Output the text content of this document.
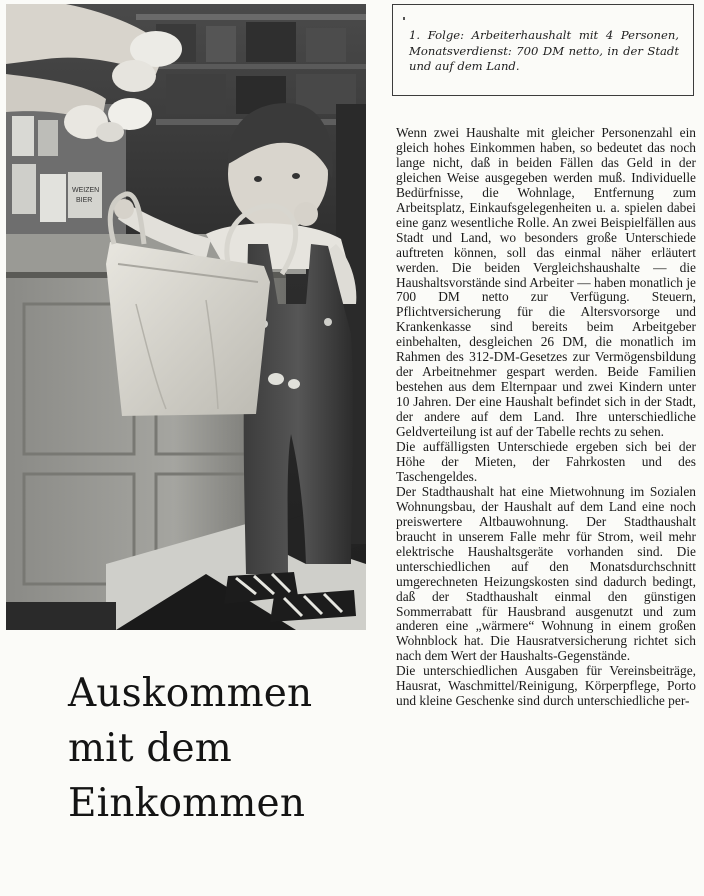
WEIZEN
BIER
Auskommen
mit dem
Einkommen
1. Folge: Arbeiterhaushalt mit 4 Personen, Monatsverdienst: 700 DM netto, in der Stadt und auf dem Land.

Wenn zwei Haushalte mit gleicher Personenzahl ein gleich hohes Einkommen haben, so bedeutet das noch lange nicht, daß in beiden Fällen das Geld in der gleichen Weise ausgegeben werden muß. Individuelle Bedürfnisse, die Wohnlage, Entfernung zum Arbeitsplatz, Einkaufsgelegenheiten u. a. spielen dabei eine ganz wesentliche Rolle. An zwei Beispielfällen aus Stadt und Land, wo besonders große Unterschiede auftreten können, soll das einmal näher erläutert werden. Die beiden Vergleichshaushalte — die Haushaltsvorstände sind Arbeiter — haben monatlich je 700 DM netto zur Verfügung. Steuern, Pflichtversicherung für die Altersvorsorge und Krankenkasse sind bereits beim Arbeitgeber einbehalten, desgleichen 26 DM, die monatlich im Rahmen des 312-DM-Gesetzes zur Vermögensbildung der Arbeitnehmer gespart werden. Beide Familien bestehen aus dem Elternpaar und zwei Kindern unter 10 Jahren. Der eine Haushalt befindet sich in der Stadt, der andere auf dem Land. Ihre unterschiedliche Geldverteilung ist auf der Tabelle rechts zu sehen.

Die auffälligsten Unterschiede ergeben sich bei der Höhe der Mieten, der Fahrkosten und des Taschengeldes.

Der Stadthaushalt hat eine Mietwohnung im Sozialen Wohnungsbau, der Haushalt auf dem Land eine noch preiswertere Altbauwohnung. Der Stadthaushalt braucht in unserem Falle mehr für Strom, weil mehr elektrische Haushaltsgeräte vorhanden sind. Die unterschiedlichen auf den Monatsdurchschnitt umgerechneten Heizungskosten sind dadurch bedingt, daß der Stadthaushalt einmal den günstigen Sommerrabatt für Hausbrand ausgenutzt und zum anderen eine „wärmere“ Wohnung in einem großen Wohnblock hat. Die Hausratversicherung richtet sich nach dem Wert der Haushalts-Gegenstände.

Die unterschiedlichen Ausgaben für Vereinsbeiträge, Hausrat, Waschmittel/Reinigung, Körperpflege, Porto und kleine Geschenke sind durch unterschiedliche per-
